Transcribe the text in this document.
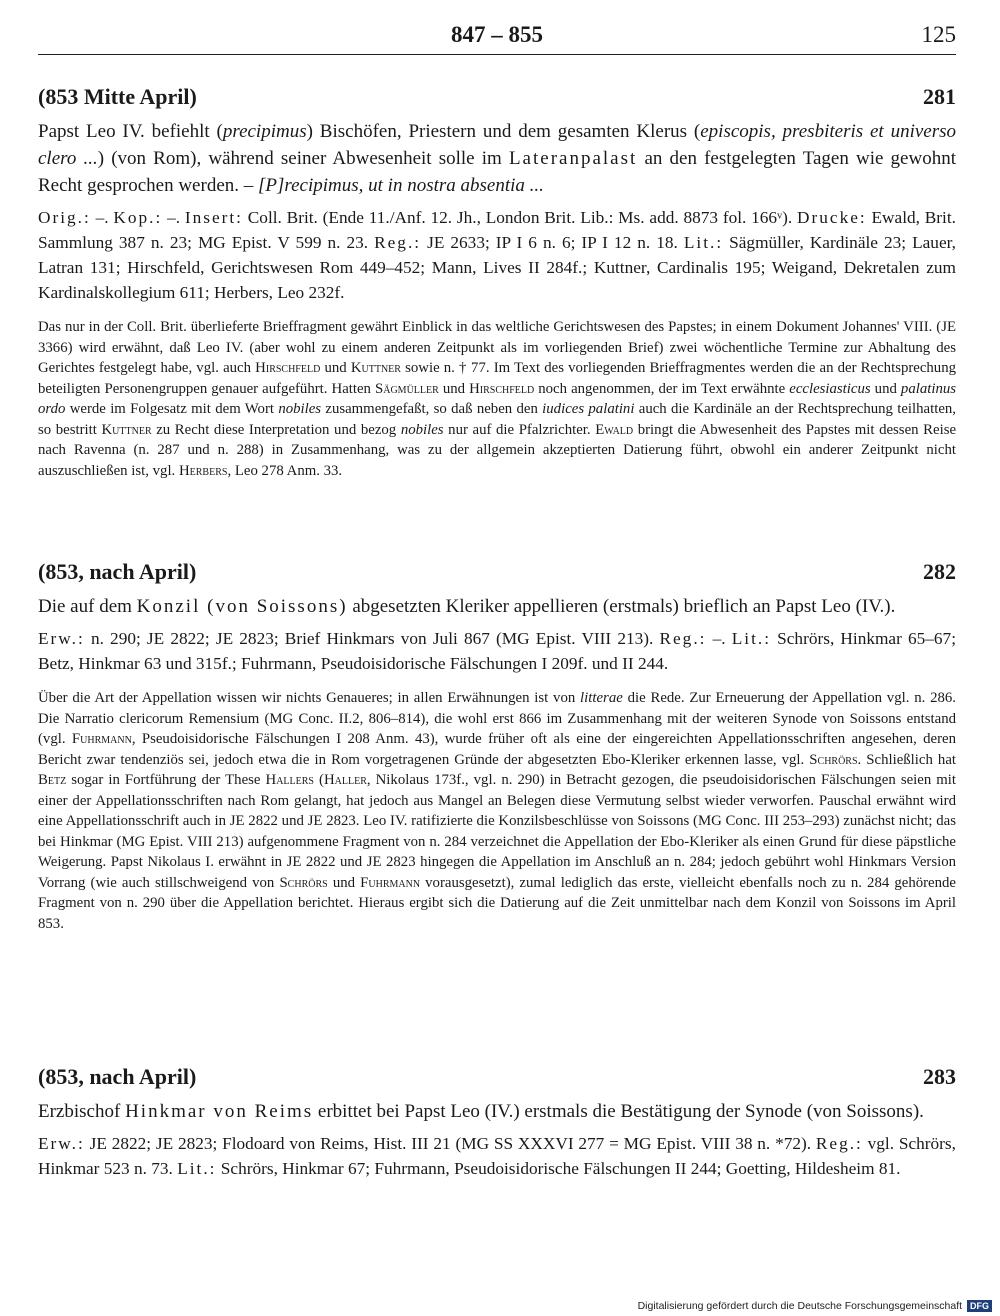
847 – 855	125
(853 Mitte April)	281

Papst Leo IV. befiehlt (precipimus) Bischöfen, Priestern und dem gesamten Klerus (episcopis, presbiteris et universo clero ...) (von Rom), während seiner Abwesenheit solle im Lateranpalast an den festgelegten Tagen wie gewohnt Recht gesprochen werden. – [P]recipimus, ut in nostra absentia ...

Orig.: –. Kop.: –. Insert: Coll. Brit. (Ende 11./Anf. 12. Jh., London Brit. Lib.: Ms. add. 8873 fol. 166ᵛ). Drucke: Ewald, Brit. Sammlung 387 n. 23; MG Epist. V 599 n. 23. Reg.: JE 2633; IP I 6 n. 6; IP I 12 n. 18. Lit.: Sägmüller, Kardinäle 23; Lauer, Latran 131; Hirschfeld, Gerichtswesen Rom 449–452; Mann, Lives II 284f.; Kuttner, Cardinalis 195; Weigand, Dekretalen zum Kardinalskollegium 611; Herbers, Leo 232f.

Das nur in der Coll. Brit. überlieferte Brieffragment gewährt Einblick in das weltliche Gerichtswesen des Papstes; in einem Dokument Johannes' VIII. (JE 3366) wird erwähnt, daß Leo IV. (aber wohl zu einem anderen Zeitpunkt als im vorliegenden Brief) zwei wöchentliche Termine zur Abhaltung des Gerichtes festgelegt habe, vgl. auch Hirschfeld und Kuttner sowie n. † 77. Im Text des vorliegenden Brieffragmentes werden die an der Rechtsprechung beteiligten Personengruppen genauer aufgeführt. Hatten Sägmüller und Hirschfeld noch angenommen, der im Text erwähnte ecclesiasticus und palatinus ordo werde im Folgesatz mit dem Wort nobiles zusammengefaßt, so daß neben den iudices palatini auch die Kardinäle an der Rechtsprechung teilhatten, so bestritt Kuttner zu Recht diese Interpretation und bezog nobiles nur auf die Pfalzrichter. Ewald bringt die Abwesenheit des Papstes mit dessen Reise nach Ravenna (n. 287 und n. 288) in Zusammenhang, was zu der allgemein akzeptierten Datierung führt, obwohl ein anderer Zeitpunkt nicht auszuschließen ist, vgl. Herbers, Leo 278 Anm. 33.

(853, nach April)	282

Die auf dem Konzil (von Soissons) abgesetzten Kleriker appellieren (erstmals) brieflich an Papst Leo (IV.).

Erw.: n. 290; JE 2822; JE 2823; Brief Hinkmars von Juli 867 (MG Epist. VIII 213). Reg.: –. Lit.: Schrörs, Hinkmar 65–67; Betz, Hinkmar 63 und 315f.; Fuhrmann, Pseudoisidorische Fälschungen I 209f. und II 244.

Über die Art der Appellation wissen wir nichts Genaueres; in allen Erwähnungen ist von litterae die Rede. Zur Erneuerung der Appellation vgl. n. 286. Die Narratio clericorum Remensium (MG Conc. II.2, 806–814), die wohl erst 866 im Zusammenhang mit der weiteren Synode von Soissons entstand (vgl. Fuhrmann, Pseudoisidorische Fälschungen I 208 Anm. 43), wurde früher oft als eine der eingereichten Appellationsschriften angesehen, deren Bericht zwar tendenziös sei, jedoch etwa die in Rom vorgetragenen Gründe der abgesetzten Ebo-Kleriker erkennen lasse, vgl. Schrörs. Schließlich hat Betz sogar in Fortführung der These Hallers (Haller, Nikolaus 173f., vgl. n. 290) in Betracht gezogen, die pseudoisidorischen Fälschungen seien mit einer der Appellationsschriften nach Rom gelangt, hat jedoch aus Mangel an Belegen diese Vermutung selbst wieder verworfen. Pauschal erwähnt wird eine Appellationsschrift auch in JE 2822 und JE 2823. Leo IV. ratifizierte die Konzilsbeschlüsse von Soissons (MG Conc. III 253–293) zunächst nicht; das bei Hinkmar (MG Epist. VIII 213) aufgenommene Fragment von n. 284 verzeichnet die Appellation der Ebo-Kleriker als einen Grund für diese päpstliche Weigerung. Papst Nikolaus I. erwähnt in JE 2822 und JE 2823 hingegen die Appellation im Anschluß an n. 284; jedoch gebührt wohl Hinkmars Version Vorrang (wie auch stillschweigend von Schrörs und Fuhrmann vorausgesetzt), zumal lediglich das erste, vielleicht ebenfalls noch zu n. 284 gehörende Fragment von n. 290 über die Appellation berichtet. Hieraus ergibt sich die Datierung auf die Zeit unmittelbar nach dem Konzil von Soissons im April 853.

(853, nach April)	283

Erzbischof Hinkmar von Reims erbittet bei Papst Leo (IV.) erstmals die Bestätigung der Synode (von Soissons).

Erw.: JE 2822; JE 2823; Flodoard von Reims, Hist. III 21 (MG SS XXXVI 277 = MG Epist. VIII 38 n. *72). Reg.: vgl. Schrörs, Hinkmar 523 n. 73. Lit.: Schrörs, Hinkmar 67; Fuhrmann, Pseudoisidorische Fälschungen II 244; Goetting, Hildesheim 81.

Digitalisierung gefördert durch die Deutsche Forschungsgemeinschaft DFG
